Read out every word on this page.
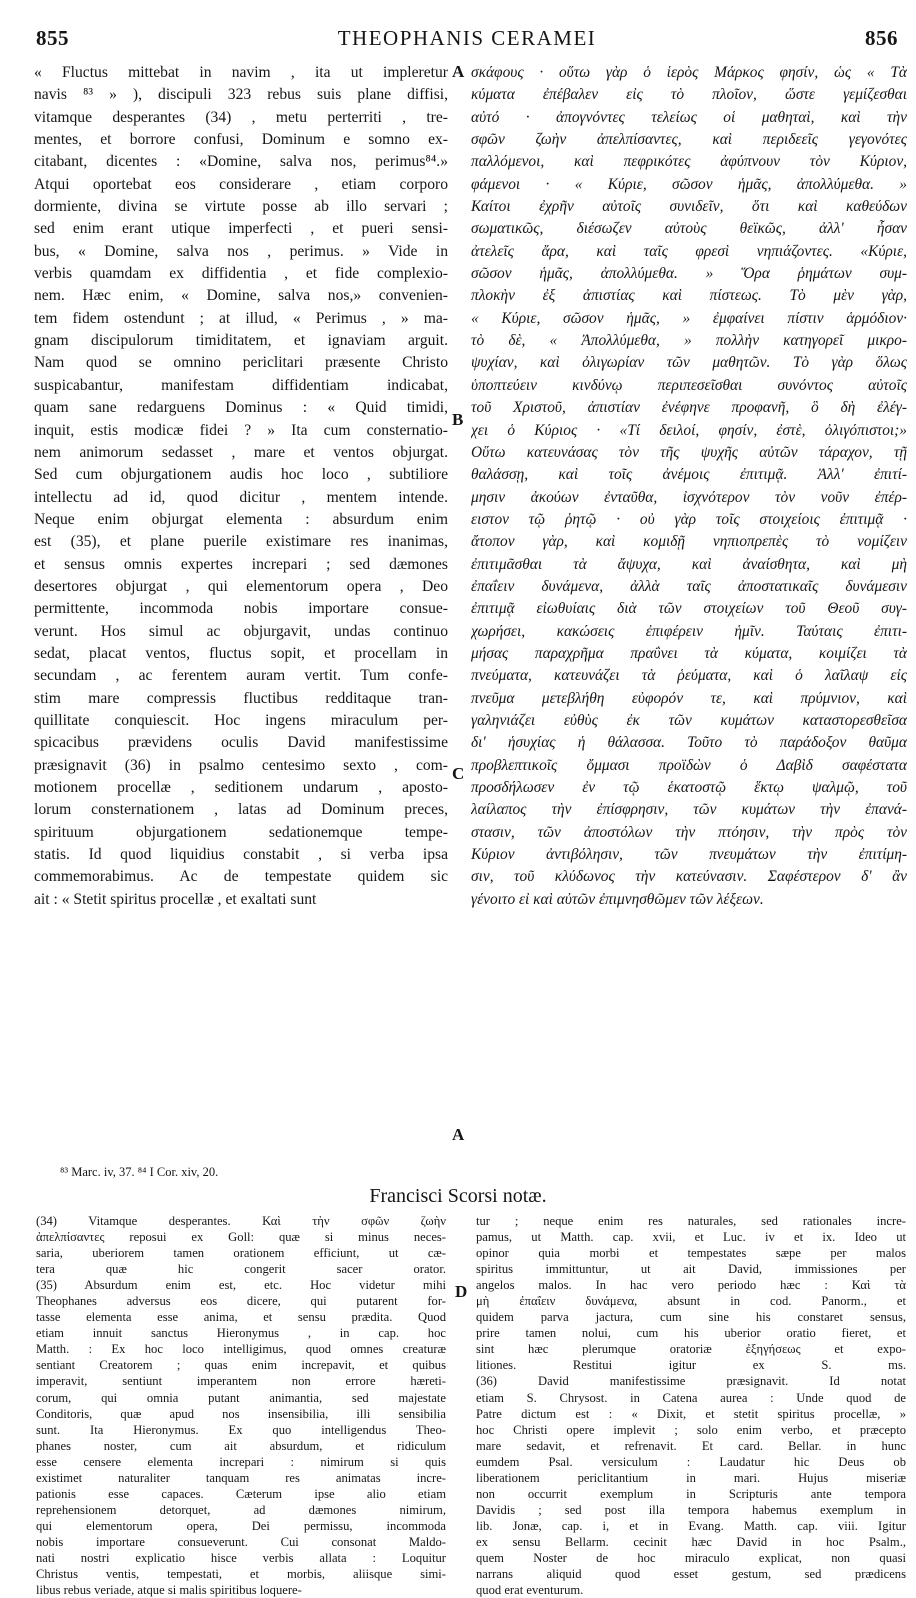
855	THEOPHANIS CERAMEI	856
« Fluctus mittebat in navim , ita ut impleretur
navis ⁸³ » ), discipuli 323 rebus suis plane diffisi,
vitamque desperantes (34) , metu perterriti , tre-
mentes, et borrore confusi, Dominum e somno ex-
citabant, dicentes : «Domine, salva nos, perimus⁸⁴.»
Atqui oportebat eos considerare , etiam corporo
dormiente, divina se virtute posse ab illo servari ;
sed enim erant utique imperfecti , et pueri sensi-
bus, « Domine, salva nos , perimus. » Vide in
verbis quamdam ex diffidentia , et fide complexio-
nem. Hæc enim, « Domine, salva nos,» convenien-
tem fidem ostendunt ; at illud, « Perimus , » ma-
gnam discipulorum timiditatem, et ignaviam arguit.
Nam quod se omnino periclitari præsente Christo
suspicabantur, manifestam diffidentiam indicabat,
quam sane redarguens Dominus : « Quid timidi,
inquit, estis modicæ fidei ? » Ita cum consternatio-
nem animorum sedasset , mare et ventos objurgat.
Sed cum objurgationem audis hoc loco , subtiliore
intellectu ad id, quod dicitur , mentem intende.
Neque enim objurgat elementa : absurdum enim
est (35), et plane puerile existimare res inanimas,
et sensus omnis expertes increpari ; sed dæmones
desertores objurgat , qui elementorum opera , Deo
permittente, incommoda nobis importare consue-
verunt. Hos simul ac objurgavit, undas continuo
sedat, placat ventos, fluctus sopit, et procellam in
secundam , ac ferentem auram vertit. Tum confe-
stim mare compressis fluctibus redditaque tran-
quillitate conquiescit. Hoc ingens miraculum per-
spicacibus prævidens oculis David manifestissime
præsignavit (36) in psalmo centesimo sexto , com-
motionem procellæ , seditionem undarum , aposto-
lorum consternationem , latas ad Dominum preces,
spirituum objurgationem sedationemque tempe-
statis. Id quod liquidius constabit , si verba ipsa
commemorabimus. Ac de tempestate quidem sic
ait : « Stetit spiritus procellæ , et exaltati sunt
σκάφους · οὕτω γὰρ ὁ ἱερὸς Μάρκος φησίν, ὡς « Τὰ
κύματα ἐπέβαλεν εἰς τὸ πλοῖον, ὥστε γεμίζεσθαι
αὐτό · ἀπογνόντες τελείως οἱ μαθηταὶ, καὶ τὴν
σφῶν ζωὴν ἀπελπίσαντες, καὶ περιδεεῖς γεγονότες
παλλόμενοι, καὶ πεφρικότες ἀφύπνουν τὸν Κύριον,
φάμενοι · « Κύριε, σῶσον ἡμᾶς, ἀπολλύμεθα. »
Καίτοι ἐχρῆν αὐτοῖς συνιδεῖν, ὅτι καὶ καθεύδων
σωματικῶς, διέσωζεν αὐτοὺς θεϊκῶς, ἀλλ' ἦσαν
ἀτελεῖς ἄρα, καὶ ταῖς φρεσὶ νηπιάζοντες. «Κύριε,
σῶσον ἡμᾶς, ἀπολλύμεθα. » Ὅρα ῥημάτων συμ-
πλοκὴν ἐξ ἀπιστίας καὶ πίστεως. Τὸ μὲν γὰρ,
« Κύριε, σῶσον ἡμᾶς, » ἐμφαίνει πίστιν ἁρμόδιον·
τὸ δὲ, « Ἀπολλύμεθα, » πολλὴν κατηγορεῖ μικρο-
ψυχίαν, καὶ ὀλιγωρίαν τῶν μαθητῶν. Τὸ γὰρ ὅλως
ὑποπτεύειν κινδύνῳ περιπεσεῖσθαι συνόντος αὐτοῖς
τοῦ Χριστοῦ, ἀπιστίαν ἐνέφηνε προφανῆ, ὃ δὴ ἐλέγ-
χει ὁ Κύριος · «Τί δειλοί, φησίν, ἐστὲ, ὀλιγόπιστοι;»
Οὕτω κατευνάσας τὸν τῆς ψυχῆς αὐτῶν τάραχον, τῇ
θαλάσσῃ, καὶ τοῖς ἀνέμοις ἐπιτιμᾷ. Ἀλλ' ἐπιτί-
μησιν ἀκούων ἐνταῦθα, ἰσχνότερον τὸν νοῦν ἐπέρ-
ειστον τῷ ῥητῷ · οὐ γὰρ τοῖς στοιχείοις ἐπιτιμᾷ ·
ἄτοπον γὰρ, καὶ κομιδῇ νηπιοπρεπὲς τὸ νομίζειν
ἐπιτιμᾶσθαι τὰ ἄψυχα, καὶ ἀναίσθητα, καὶ μὴ
ἐπαΐειν δυνάμενα, ἀλλὰ ταῖς ἀποστατικαῖς δυνάμεσιν
ἐπιτιμᾷ εἰωθυίαις διὰ τῶν στοιχείων τοῦ Θεοῦ συγ-
χωρήσει, κακώσεις ἐπιφέρειν ἡμῖν. Ταύταις ἐπιτι-
μήσας παραχρῆμα πραΰνει τὰ κύματα, κοιμίζει τὰ
πνεύματα, κατευνάζει τὰ ῥεύματα, καὶ ὁ λαῖλαψ εἰς
πνεῦμα μετεβλήθη εὐφορόν τε, καὶ πρύμνιον, καὶ
γαληνιάζει εὐθὺς ἐκ τῶν κυμάτων καταστορεσθεῖσα
δι' ἡσυχίας ἡ θάλασσα. Τοῦτο τὸ παράδοξον θαῦμα
προβλεπτικοῖς ὄμμασι προϊδὼν ὁ Δαβὶδ σαφέστατα
προσδήλωσεν ἐν τῷ ἑκατοστῷ ἕκτῳ ψαλμῷ, τοῦ
λαίλαπος τὴν ἐπίσφρησιν, τῶν κυμάτων τὴν ἐπανά-
στασιν, τῶν ἀποστόλων τὴν πτόησιν, τὴν πρὸς τὸν
Κύριον ἀντιβόλησιν, τῶν πνευμάτων τὴν ἐπιτίμη-
σιν, τοῦ κλύδωνος τὴν κατεύνασιν. Σαφέστερον δ' ἂν
γένοιτο εἰ καὶ αὐτῶν ἐπιμνησθῶμεν τῶν λέξεων.
A
B
C
A
D
⁸³ Marc. iv, 37. ⁸⁴ I Cor. xiv, 20.
Francisci Scorsi notæ.
(34) Vitamque desperantes. Καὶ τὴν σφῶν ζωὴν
ἀπελπίσαντες reposui ex Goll: quæ si minus neces-
saria, uberiorem tamen orationem efficiunt, ut cæ-
tera quæ hic congerit sacer orator.
(35) Absurdum enim est, etc. Hoc videtur mihi
Theophanes adversus eos dicere, qui putarent for-
tasse elementa esse anima, et sensu prædita. Quod
etiam innuit sanctus Hieronymus , in cap. hoc
Matth. : Ex hoc loco intelligimus, quod omnes creaturæ
sentiant Creatorem ; quas enim increpavit, et quibus
imperavit, sentiunt imperantem non errore hæreti-
corum, qui omnia putant animantia, sed majestate
Conditoris, quæ apud nos insensibilia, illi sensibilia
sunt. Ita Hieronymus. Ex quo intelligendus Theo-
phanes noster, cum ait absurdum, et ridiculum
esse censere elementa increpari : nimirum si quis
existimet naturaliter tanquam res animatas incre-
pationis esse capaces. Cæterum ipse alio etiam
reprehensionem detorquet, ad dæmones nimirum,
qui elementorum opera, Dei permissu, incommoda
nobis importare consueverunt. Cui consonat Maldo-
nati nostri explicatio hisce verbis allata : Loquitur
Christus ventis, tempestati, et morbis, aliisque simi-
libus rebus veriade, atque si malis spiritibus loquere-
tur ; neque enim res naturales, sed rationales incre-
pamus, ut Matth. cap. xvii, et Luc. iv et ix. Ideo ut
opinor quia morbi et tempestates sæpe per malos
spiritus immittuntur, ut ait David, immissiones per
angelos malos. In hac vero periodo hæc : Καὶ τὰ
μὴ ἐπαΐειν δυνάμενα, absunt in cod. Panorm., et
quidem parva jactura, cum sine his constaret sensus,
prire tamen nolui, cum his uberior oratio fieret, et
sint hæc plerumque oratoriæ ἐξηγήσεως et expo-
litiones. Restitui igitur ex S. ms.
(36) David manifestissime præsignavit. Id notat
etiam S. Chrysost. in Catena aurea : Unde quod de
Patre dictum est : « Dixit, et stetit spiritus procellæ, »
hoc Christi opere implevit ; solo enim verbo, et præcepto
mare sedavit, et refrenavit. Et card. Bellar. in hunc
eumdem Psal. versiculum : Laudatur hic Deus ob
liberationem periclitantium in mari. Hujus miseriæ
non occurrit exemplum in Scripturis ante tempora
Davidis ; sed post illa tempora habemus exemplum in
lib. Jonæ, cap. i, et in Evang. Matth. cap. viii. Igitur
ex sensu Bellarm. cecinit hæc David in hoc Psalm.,
quem Noster de hoc miraculo explicat, non quasi
narrans aliquid quod esset gestum, sed prædicens
quod erat eventurum.
